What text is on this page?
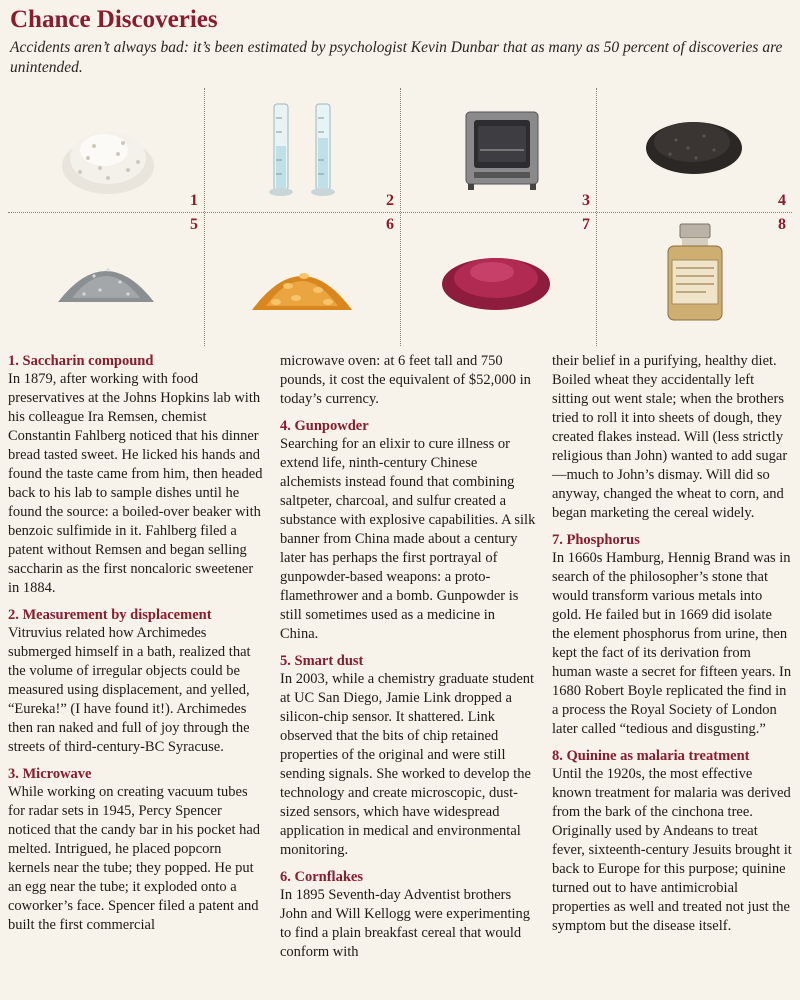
Chance Discoveries

Accidents aren’t always bad: it’s been estimated by psychologist Kevin Dunbar that as many as 50 percent of discoveries are unintended.

1	2	3	4
5	6	7	8
1. Saccharin compound

In 1879, after working with food preservatives at the Johns Hopkins lab with his colleague Ira Remsen, chemist Constantin Fahlberg noticed that his dinner bread tasted sweet. He licked his hands and found the taste came from him, then headed back to his lab to sample dishes until he found the source: a boiled-over beaker with benzoic sulfimide in it. Fahlberg filed a patent without Remsen and began selling saccharin as the first noncaloric sweetener in 1884.

2. Measurement by displacement

Vitruvius related how Archimedes submerged himself in a bath, realized that the volume of irregular objects could be measured using displacement, and yelled, “Eureka!” (I have found it!). Archimedes then ran naked and full of joy through the streets of third-century-BC Syracuse.

3. Microwave

While working on creating vacuum tubes for radar sets in 1945, Percy Spencer noticed that the candy bar in his pocket had melted. Intrigued, he placed popcorn kernels near the tube; they popped. He put an egg near the tube; it exploded onto a coworker’s face. Spencer filed a patent and built the first commercial

microwave oven: at 6 feet tall and 750 pounds, it cost the equivalent of $52,000 in today’s currency.

4. Gunpowder

Searching for an elixir to cure illness or extend life, ninth-century Chinese alchemists instead found that combining saltpeter, charcoal, and sulfur created a substance with explosive capabilities. A silk banner from China made about a century later has perhaps the first portrayal of gunpowder-based weapons: a proto-flamethrower and a bomb. Gunpowder is still sometimes used as a medicine in China.

5. Smart dust

In 2003, while a chemistry graduate student at UC San Diego, Jamie Link dropped a silicon-chip sensor. It shattered. Link observed that the bits of chip retained properties of the original and were still sending signals. She worked to develop the technology and create microscopic, dust-sized sensors, which have widespread application in medical and environmental monitoring.

6. Cornflakes

In 1895 Seventh-day Adventist brothers John and Will Kellogg were experimenting to find a plain breakfast cereal that would conform with

their belief in a purifying, healthy diet. Boiled wheat they accidentally left sitting out went stale; when the brothers tried to roll it into sheets of dough, they created flakes instead. Will (less strictly religious than John) wanted to add sugar—much to John’s dismay. Will did so anyway, changed the wheat to corn, and began marketing the cereal widely.

7. Phosphorus

In 1660s Hamburg, Hennig Brand was in search of the philosopher’s stone that would transform various metals into gold. He failed but in 1669 did isolate the element phosphorus from urine, then kept the fact of its derivation from human waste a secret for fifteen years. In 1680 Robert Boyle replicated the find in a process the Royal Society of London later called “tedious and disgusting.”

8. Quinine as malaria treatment

Until the 1920s, the most effective known treatment for malaria was derived from the bark of the cinchona tree. Originally used by Andeans to treat fever, sixteenth-century Jesuits brought it back to Europe for this purpose; quinine turned out to have antimicrobial properties as well and treated not just the symptom but the disease itself.
